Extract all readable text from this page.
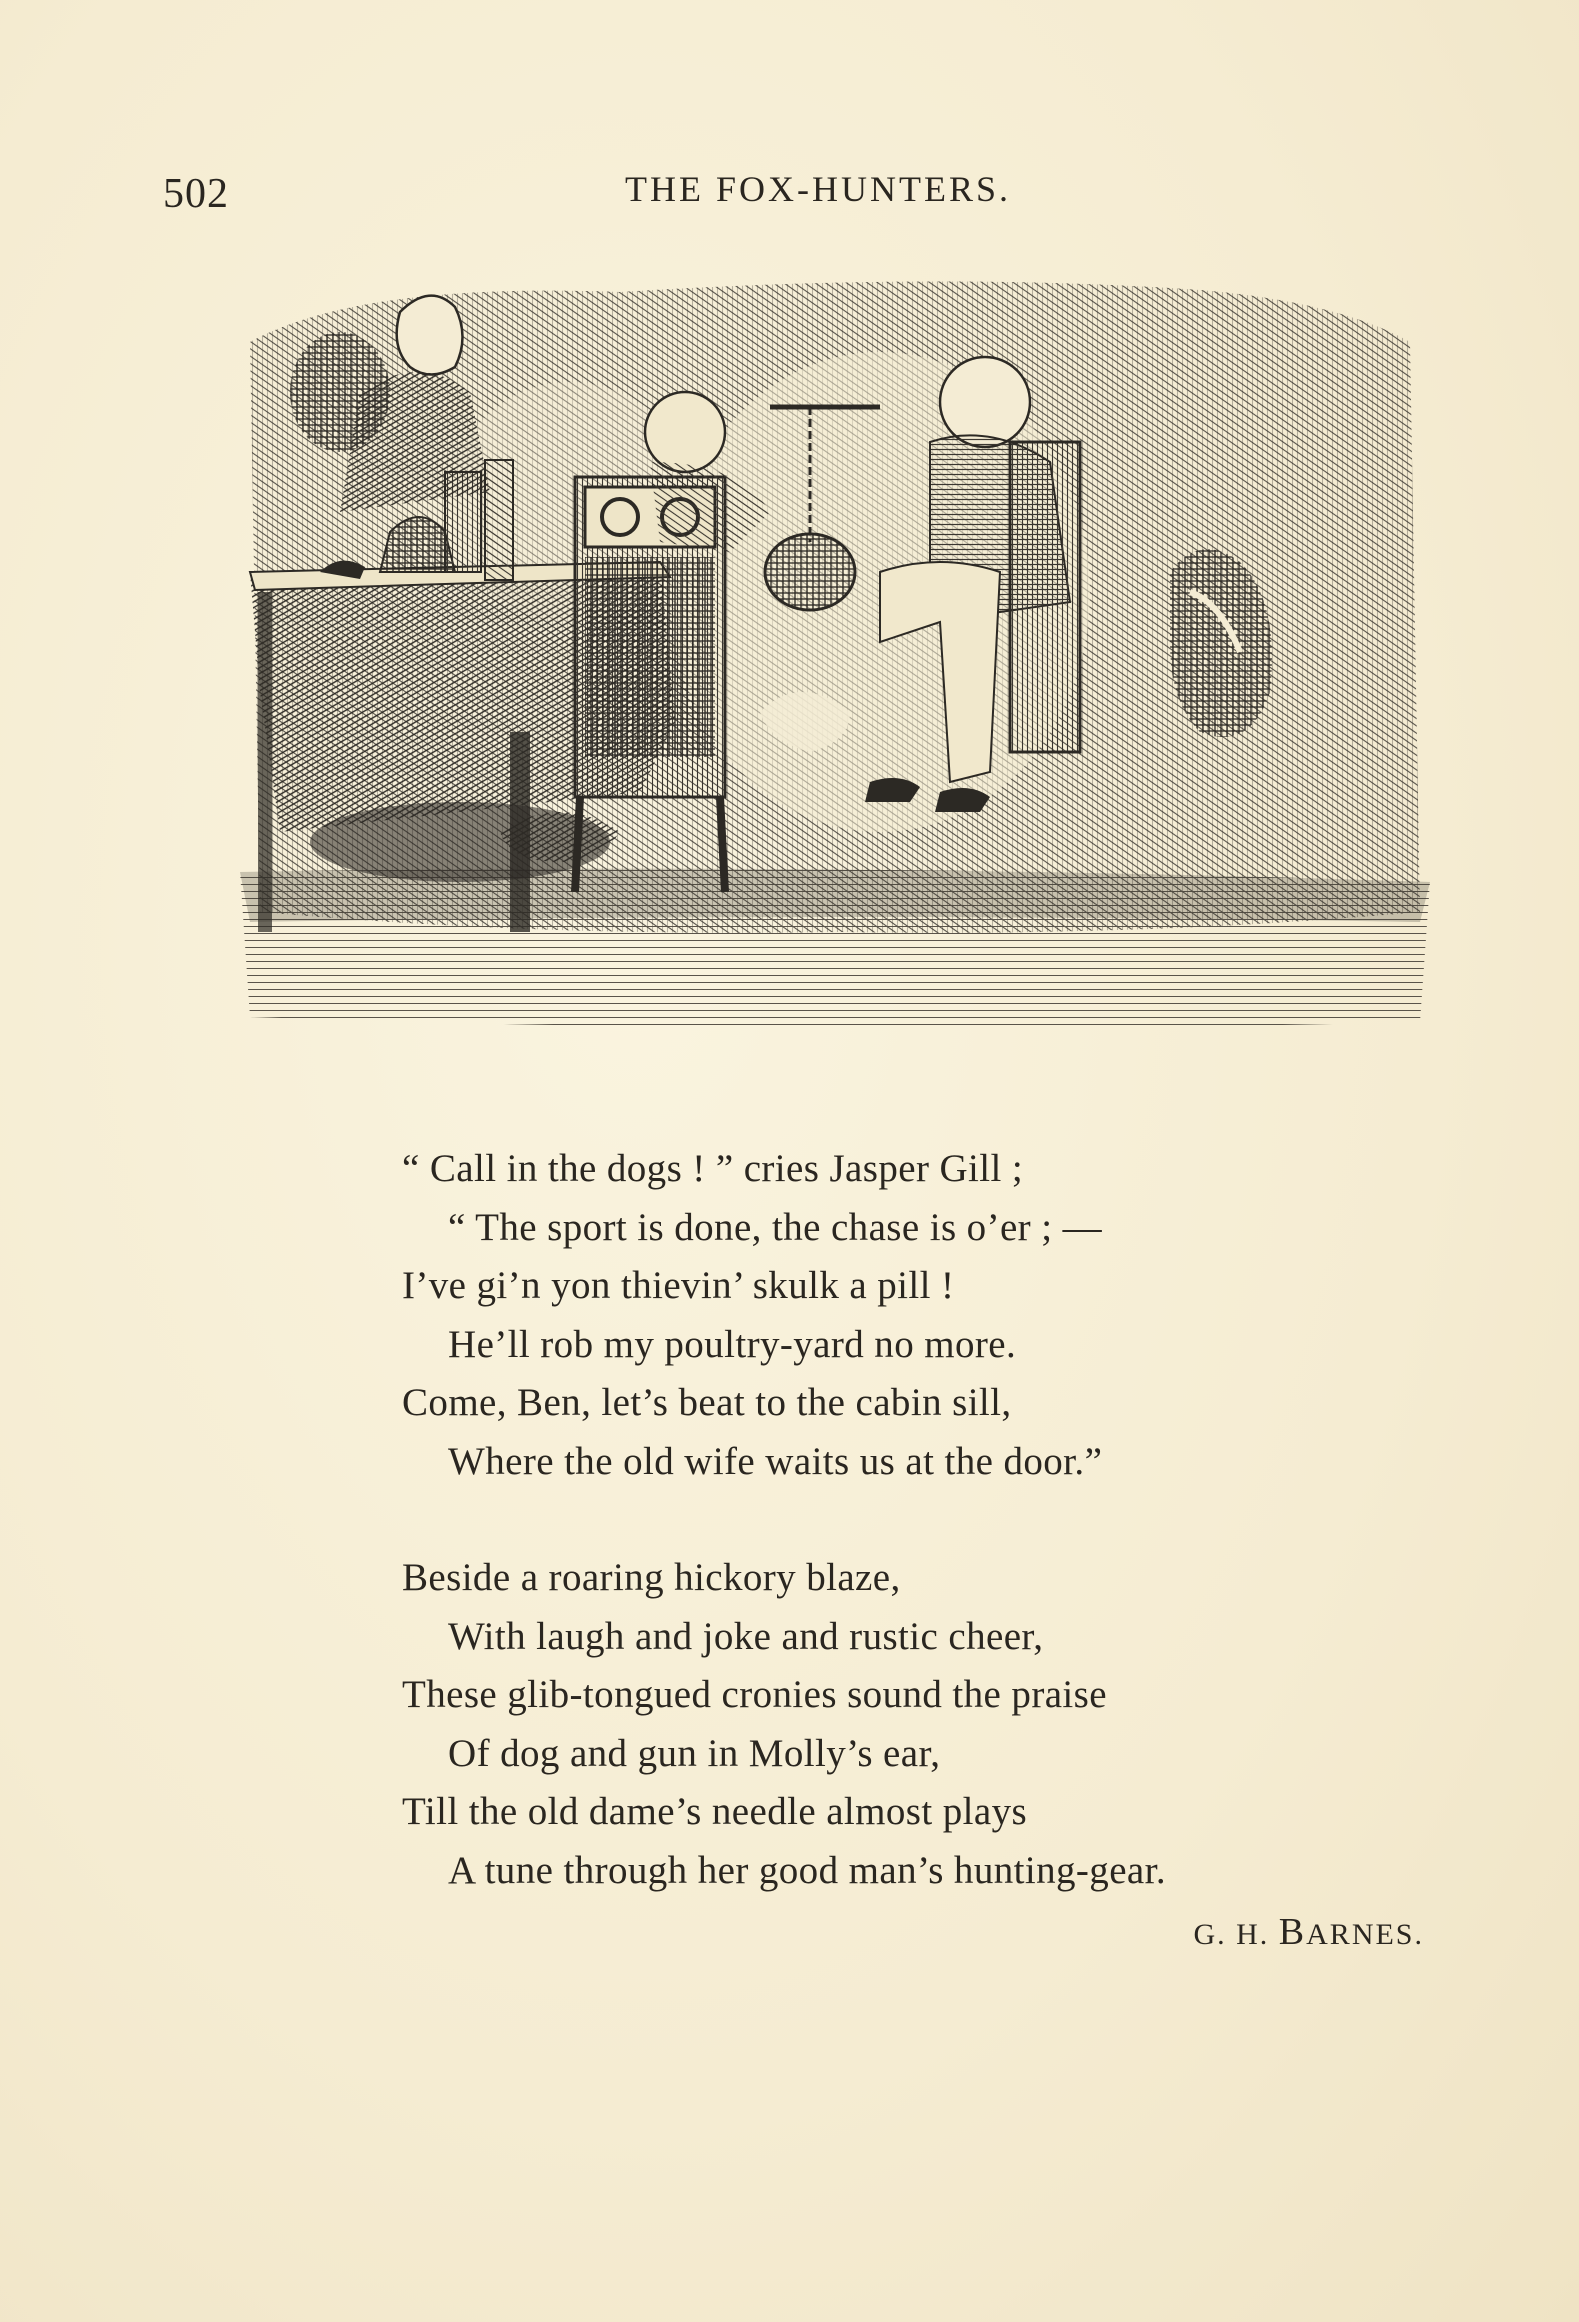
502	THE FOX-HUNTERS.
“ Call in the dogs ! ” cries Jasper Gill ;
“ The sport is done, the chase is o’er ; —
I’ve gi’n yon thievin’ skulk a pill !
He’ll rob my poultry-yard no more.
Come, Ben, let’s beat to the cabin sill,
Where the old wife waits us at the door.”
Beside a roaring hickory blaze,
With laugh and joke and rustic cheer,
These glib-tongued cronies sound the praise
Of dog and gun in Molly’s ear,
Till the old dame’s needle almost plays
A tune through her good man’s hunting-gear.
G. H. BARNES.
